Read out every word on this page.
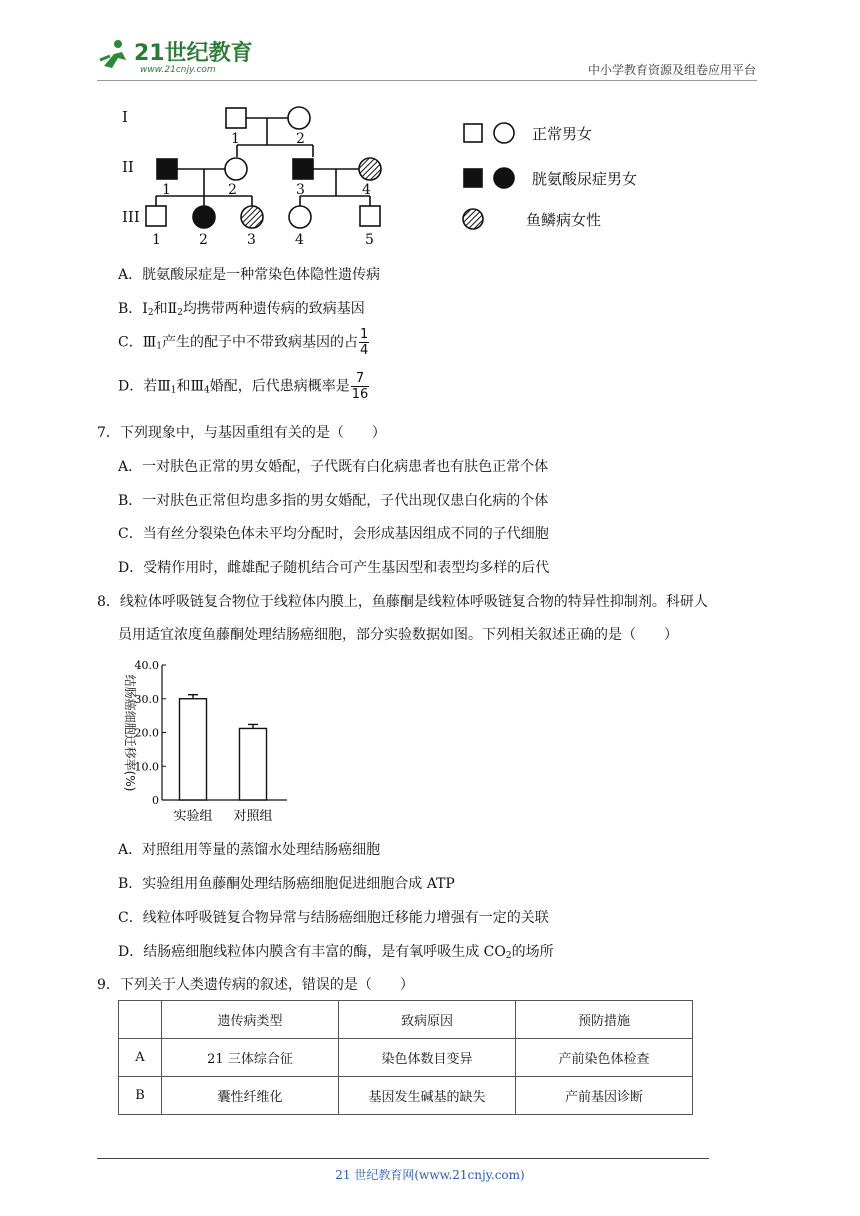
21世纪教育
www.21cnjy.com	中小学教育资源及组卷应用平台
I
II
III
1	2
1	2	3	4
1	2	3	4	5
正常男女
胱氨酸尿症男女
鱼鳞病女性
A．胱氨酸尿症是一种常染色体隐性遗传病
B．$Ⅰ_2$和$Ⅱ_2$均携带两种遗传病的致病基因
C．$Ⅲ_1$产生的配子中不带致病基因的占 $\frac{1}{4}$
D．若$Ⅲ_1$和$Ⅲ_4$婚配，后代患病概率是 $\frac{7}{16}$
7．下列现象中，与基因重组有关的是（　　）
A．一对肤色正常的男女婚配，子代既有白化病患者也有肤色正常个体
B．一对肤色正常但均患多指的男女婚配，子代出现仅患白化病的个体
C．当有丝分裂染色体未平均分配时，会形成基因组成不同的子代细胞
D．受精作用时，雌雄配子随机结合可产生基因型和表型均多样的后代
8．线粒体呼吸链复合物位于线粒体内膜上，鱼藤酮是线粒体呼吸链复合物的特异性抑制剂。科研人
员用适宜浓度鱼藤酮处理结肠癌细胞，部分实验数据如图。下列相关叙述正确的是（　　）
0
10.0
20.0
30.0
40.0
实验组 对照组
结肠癌细胞迁移率(%)
A．对照组用等量的蒸馏水处理结肠癌细胞
B．实验组用鱼藤酮处理结肠癌细胞促进细胞合成 ATP
C．线粒体呼吸链复合物异常与结肠癌细胞迁移能力增强有一定的关联
D．结肠癌细胞线粒体内膜含有丰富的酶，是有氧呼吸生成 $CO_2$的场所
9．下列关于人类遗传病的叙述，错误的是（　　）
	遗传病类型	致病原因	预防措施
A	21 三体综合征	染色体数目变异	产前染色体检查
B	囊性纤维化	基因发生碱基的缺失	产前基因诊断
21 世纪教育网(www.21cnjy.com)
